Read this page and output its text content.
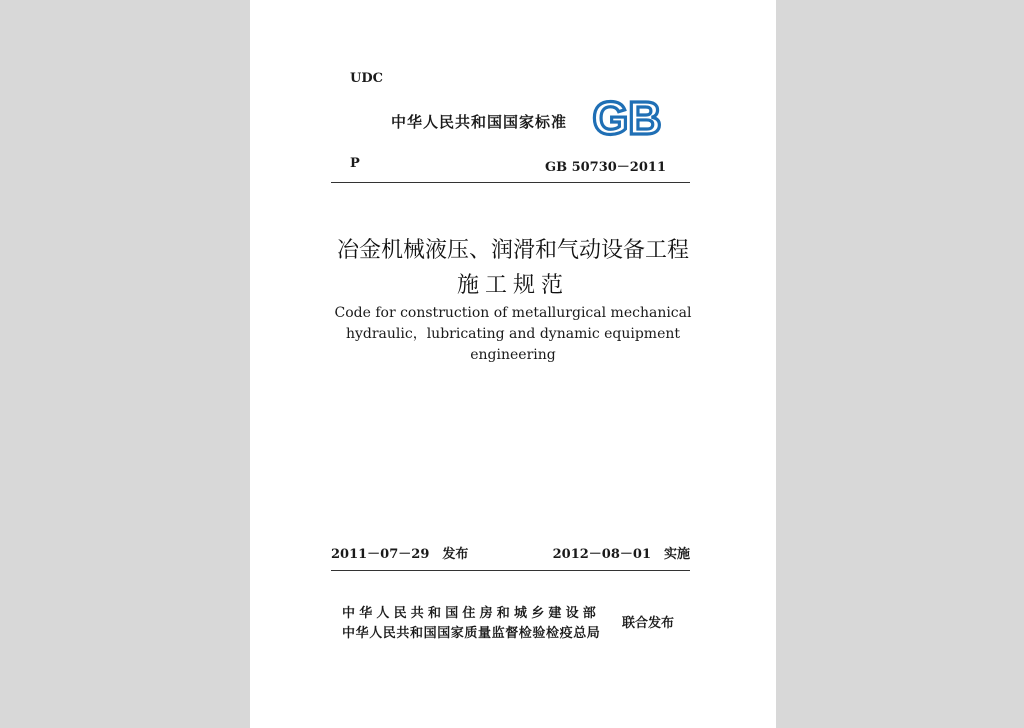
UDC
中华人民共和国国家标准 GB
P	GB 50730－2011
冶金机械液压、润滑和气动设备工程
施工规范
Code for construction of metallurgical mechanical
hydraulic，lubricating and dynamic equipment
engineering
2011－07－29　发布	2012－08－01　实施
中华人民共和国住房和城乡建设部
中华人民共和国国家质量监督检验检疫总局
联合发布
